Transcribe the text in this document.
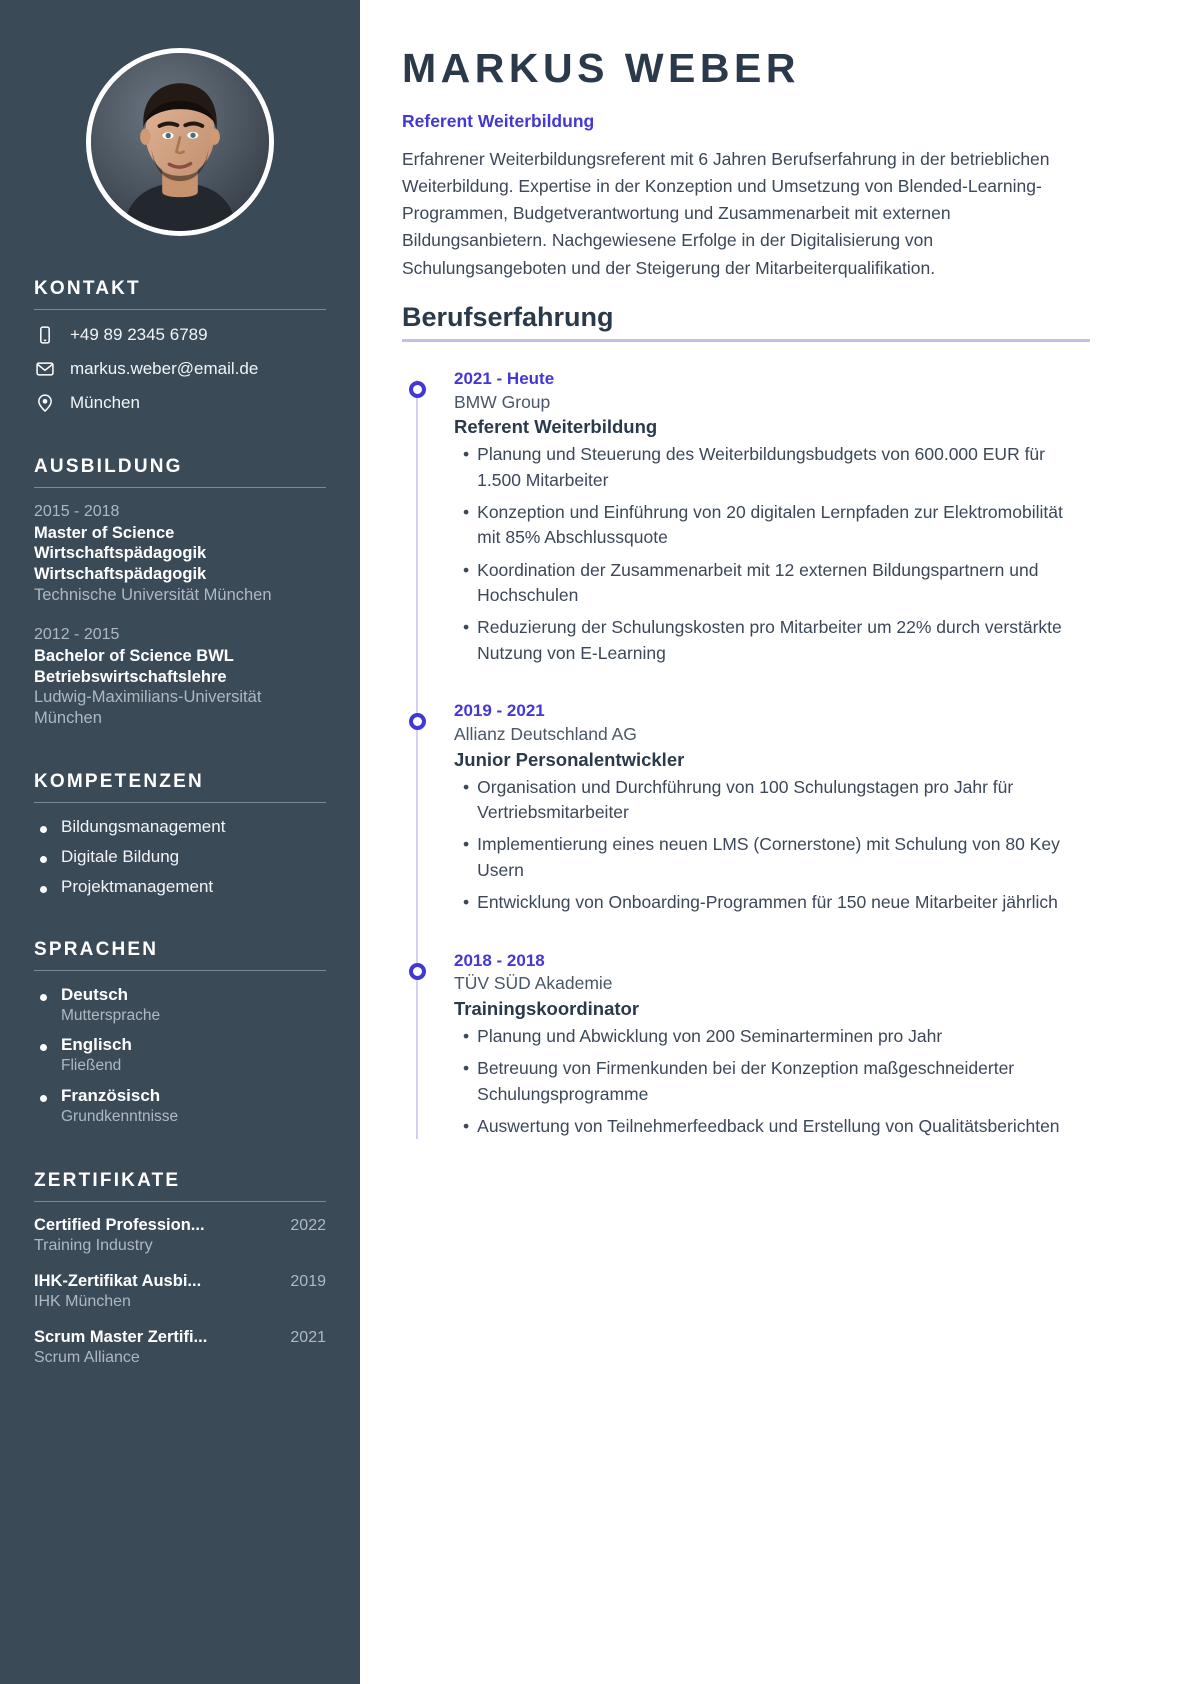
KONTAKT
+49 89 2345 6789
markus.weber@email.de
München
AUSBILDUNG
2015 - 2018
Master of Science Wirtschaftspädagogik
Wirtschaftspädagogik
Technische Universität München
2012 - 2015
Bachelor of Science BWL
Betriebswirtschaftslehre
Ludwig-Maximilians-Universität München
KOMPETENZEN
Bildungsmanagement
Digitale Bildung
Projektmanagement
SPRACHEN
Deutsch
Muttersprache
Englisch
Fließend
Französisch
Grundkenntnisse
ZERTIFIKATE
Certified Profession...	2022
Training Industry
IHK-Zertifikat Ausbi...	2019
IHK München
Scrum Master Zertifi...	2021
Scrum Alliance
MARKUS WEBER
Referent Weiterbildung

Erfahrener Weiterbildungsreferent mit 6 Jahren Berufserfahrung in der betrieblichen Weiterbildung. Expertise in der Konzeption und Umsetzung von Blended-Learning-Programmen, Budgetverantwortung und Zusammenarbeit mit externen Bildungsanbietern. Nachgewiesene Erfolge in der Digitalisierung von Schulungsangeboten und der Steigerung der Mitarbeiterqualifikation.

Berufserfahrung
2021 - Heute
BMW Group
Referent Weiterbildung
• Planung und Steuerung des Weiterbildungsbudgets von 600.000 EUR für 1.500 Mitarbeiter
• Konzeption und Einführung von 20 digitalen Lernpfaden zur Elektromobilität mit 85% Abschlussquote
• Koordination der Zusammenarbeit mit 12 externen Bildungspartnern und Hochschulen
• Reduzierung der Schulungskosten pro Mitarbeiter um 22% durch verstärkte Nutzung von E-Learning
2019 - 2021
Allianz Deutschland AG
Junior Personalentwickler
• Organisation und Durchführung von 100 Schulungstagen pro Jahr für Vertriebsmitarbeiter
• Implementierung eines neuen LMS (Cornerstone) mit Schulung von 80 Key Usern
• Entwicklung von Onboarding-Programmen für 150 neue Mitarbeiter jährlich
2018 - 2018
TÜV SÜD Akademie
Trainingskoordinator
• Planung und Abwicklung von 200 Seminarterminen pro Jahr
• Betreuung von Firmenkunden bei der Konzeption maßgeschneiderter Schulungsprogramme
• Auswertung von Teilnehmerfeedback und Erstellung von Qualitätsberichten
